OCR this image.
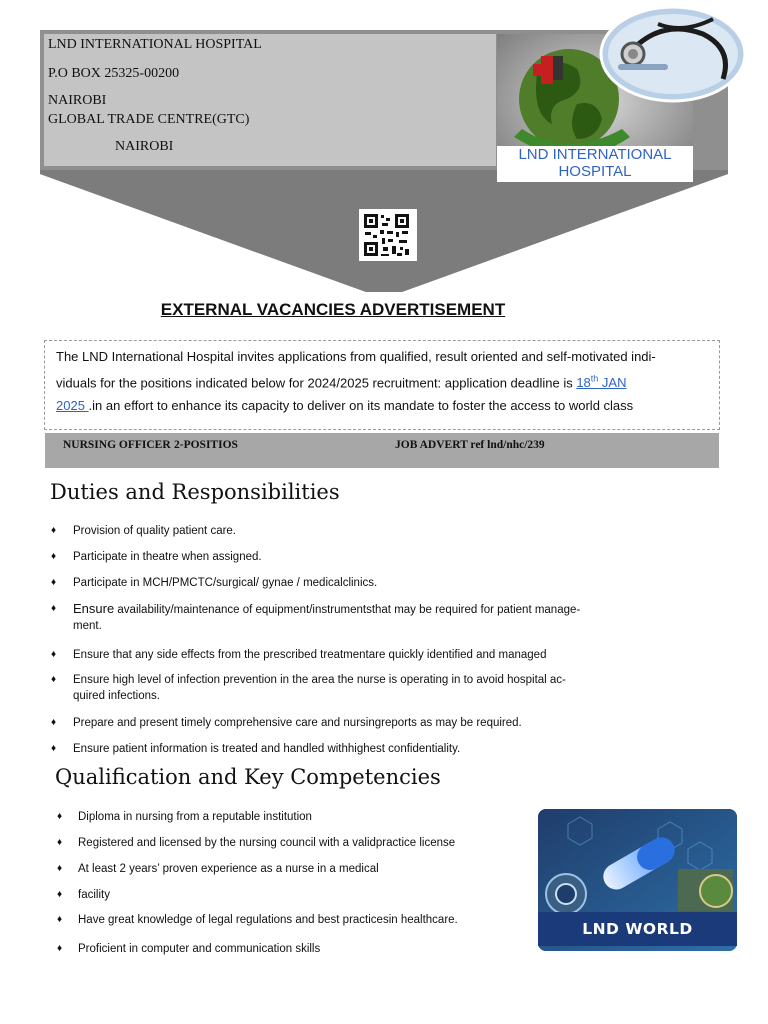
LND INTERNATIONAL HOSPITAL
P.O BOX 25325-00200
NAIROBI
GLOBAL TRADE CENTRE(GTC)
NAIROBI	LND INTERNATIONAL
HOSPITAL
EXTERNAL VACANCIES ADVERTISEMENT
The LND International Hospital invites applications from qualified, result oriented and self-motivated indi-
viduals for the positions indicated below for 2024/2025 recruitment: application deadline is 18th JAN
2025 .in an effort to enhance its capacity to deliver on its mandate to foster the access to world class
NURSING OFFICER 2-POSITIOS	JOB ADVERT ref lnd/nhc/239
Duties and Responsibilities
♦ Provision of quality patient care.
♦ Participate in theatre when assigned.
♦ Participate in MCH/PMCTC/surgical/ gynae / medicalclinics.
♦ Ensure availability/maintenance of equipment/instrumentsthat may be required for patient manage-
ment.
♦ Ensure that any side effects from the prescribed treatmentare quickly identified and managed
♦ Ensure high level of infection prevention in the area the nurse is operating in to avoid hospital ac-
quired infections.
♦ Prepare and present timely comprehensive care and nursingreports as may be required.
♦ Ensure patient information is treated and handled withhighest confidentiality.
Qualification and Key Competencies
♦ Diploma in nursing from a reputable institution
♦ Registered and licensed by the nursing council with a validpractice license
♦ At least 2 years’ proven experience as a nurse in a medical
♦ facility
♦ Have great knowledge of legal regulations and best practicesin healthcare.
♦ Proficient in computer and communication skills
LND WORLD HOSPITAL
